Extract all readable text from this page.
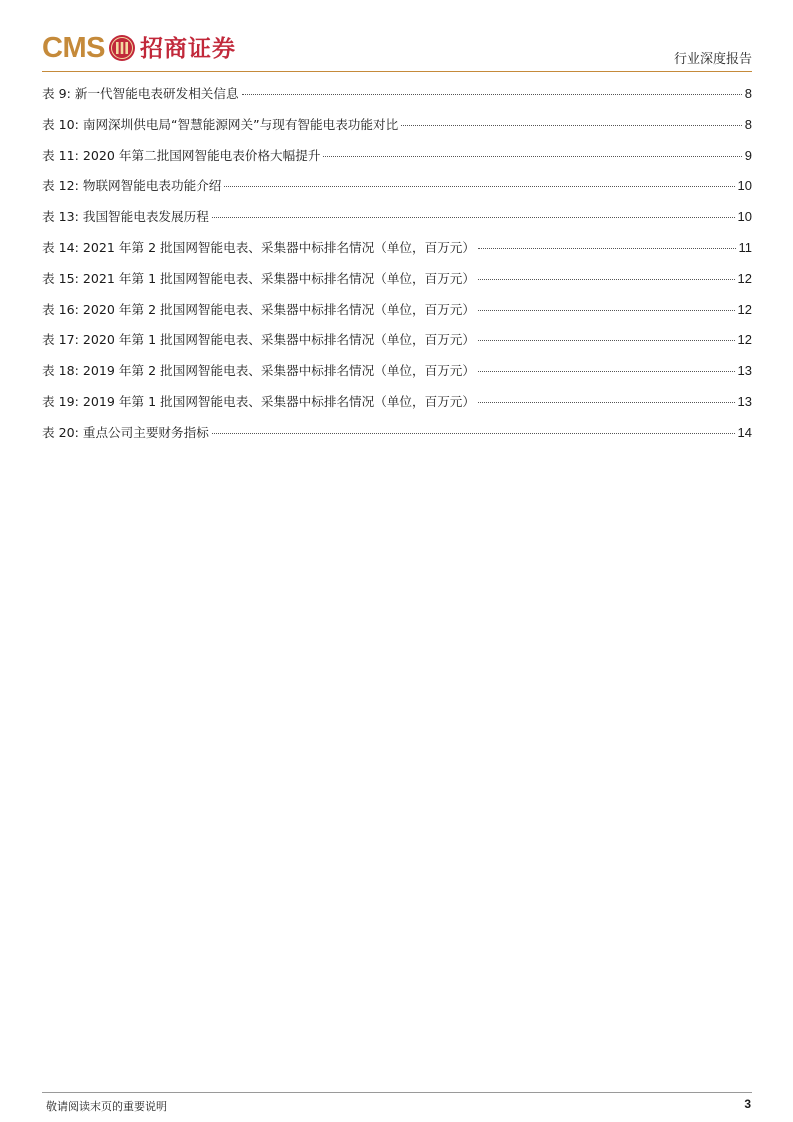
CMS 招商证券	行业深度报告
表 9: 新一代智能电表研发相关信息	8
表 10: 南网深圳供电局“智慧能源网关”与现有智能电表功能对比	8
表 11: 2020 年第二批国网智能电表价格大幅提升	9
表 12: 物联网智能电表功能介绍	10
表 13: 我国智能电表发展历程	10
表 14: 2021 年第 2 批国网智能电表、采集器中标排名情况（单位，百万元）	11
表 15: 2021 年第 1 批国网智能电表、采集器中标排名情况（单位，百万元）	12
表 16: 2020 年第 2 批国网智能电表、采集器中标排名情况（单位，百万元）	12
表 17: 2020 年第 1 批国网智能电表、采集器中标排名情况（单位，百万元）	12
表 18: 2019 年第 2 批国网智能电表、采集器中标排名情况（单位，百万元）	13
表 19: 2019 年第 1 批国网智能电表、采集器中标排名情况（单位，百万元）	13
表 20: 重点公司主要财务指标	14
敬请阅读末页的重要说明	3
